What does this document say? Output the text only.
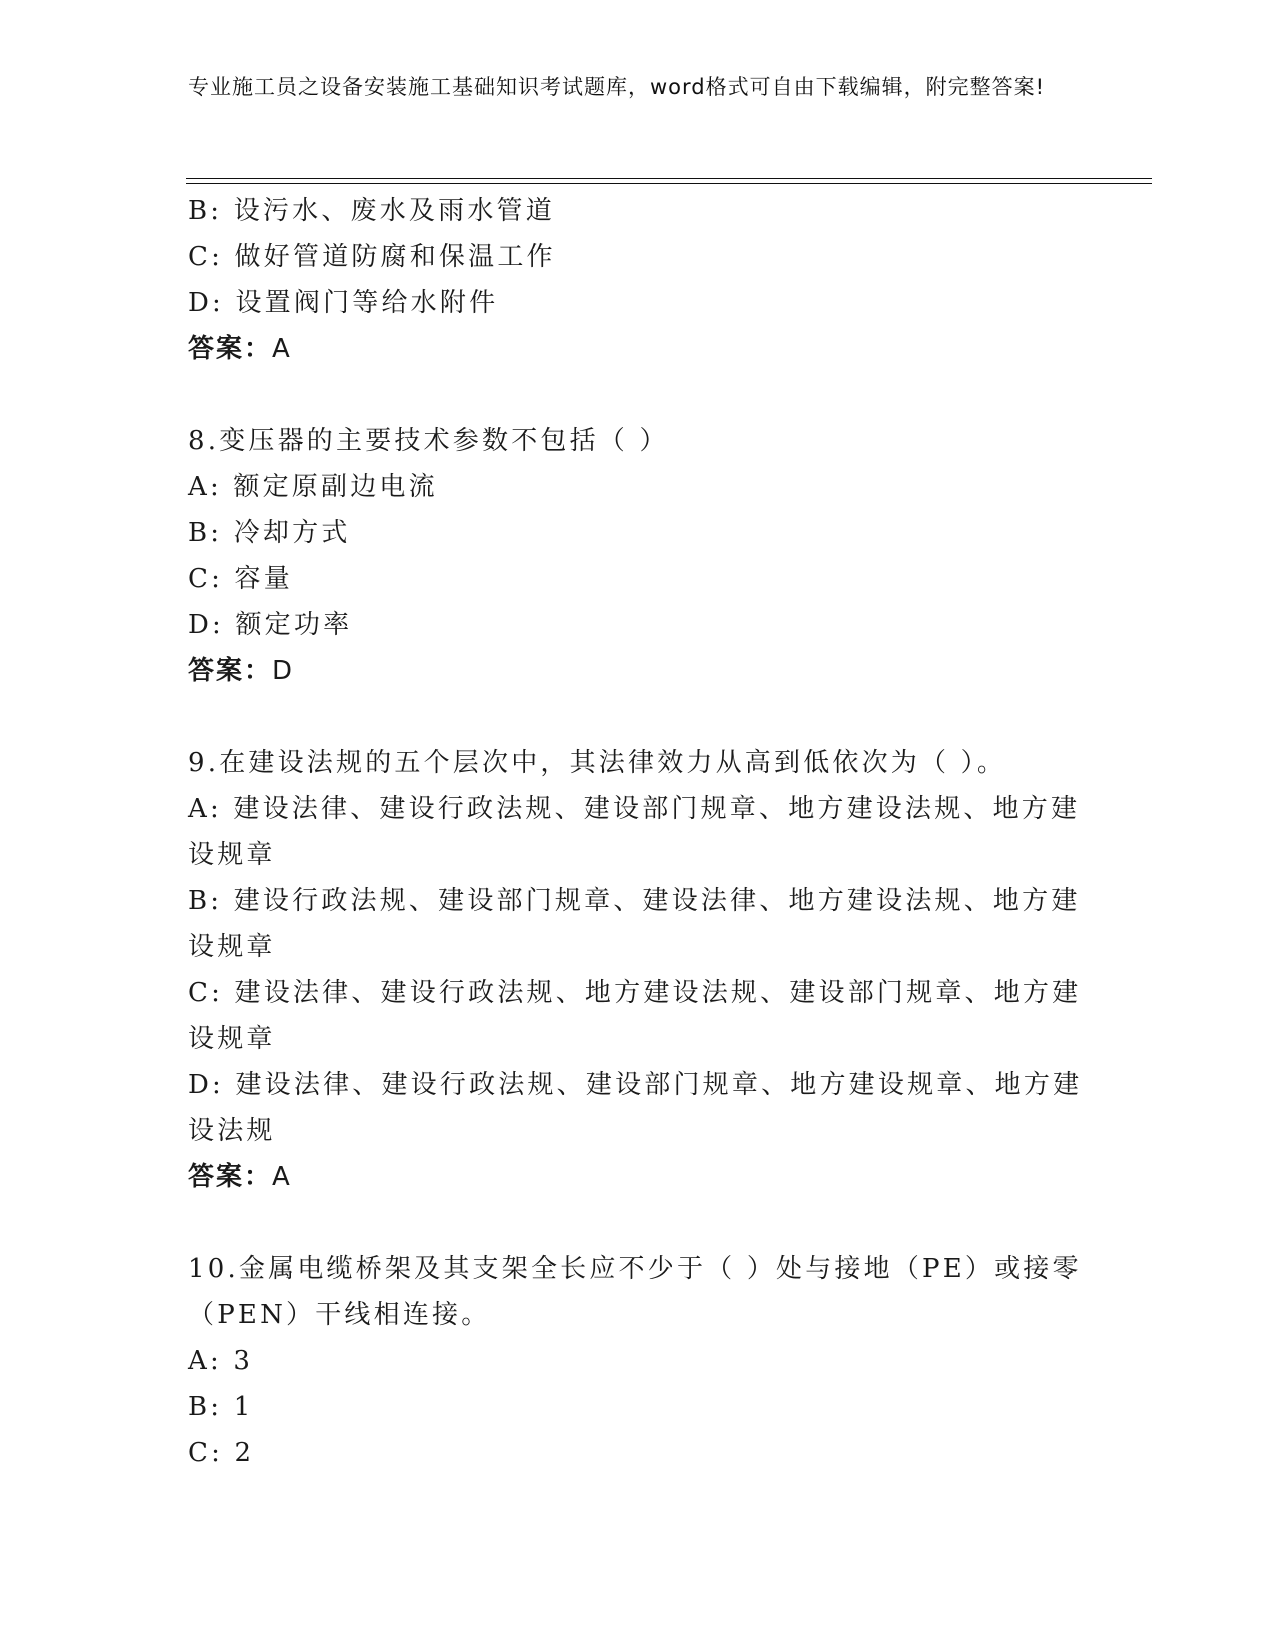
专业施工员之设备安装施工基础知识考试题库，word格式可自由下载编辑，附完整答案!

B: 设污水、废水及雨水管道

C: 做好管道防腐和保温工作

D: 设置阀门等给水附件

答案：A

8.变压器的主要技术参数不包括（ ）

A: 额定原副边电流

B: 冷却方式

C: 容量

D: 额定功率

答案：D

9.在建设法规的五个层次中，其法律效力从高到低依次为（ ）。

A: 建设法律、建设行政法规、建设部门规章、地方建设法规、地方建设规章

B: 建设行政法规、建设部门规章、建设法律、地方建设法规、地方建设规章

C: 建设法律、建设行政法规、地方建设法规、建设部门规章、地方建设规章

D: 建设法律、建设行政法规、建设部门规章、地方建设规章、地方建设法规

答案：A

10.金属电缆桥架及其支架全长应不少于（ ）处与接地（PE）或接零（PEN）干线相连接。

A: 3

B: 1

C: 2
